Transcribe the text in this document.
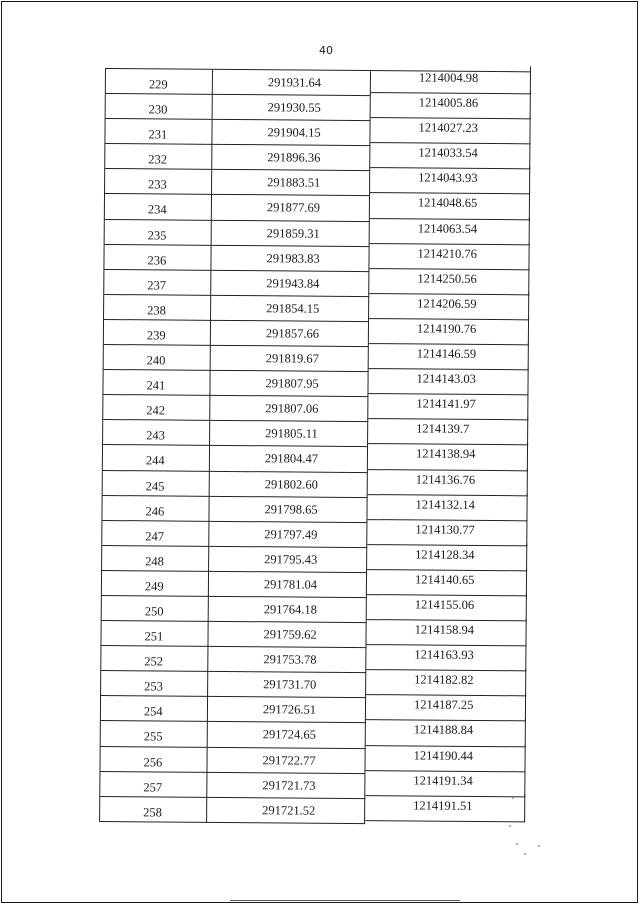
40
229	291931.64	1214004.98
230	291930.55	1214005.86
231	291904.15	1214027.23
232	291896.36	1214033.54
233	291883.51	1214043.93
234	291877.69	1214048.65
235	291859.31	1214063.54
236	291983.83	1214210.76
237	291943.84	1214250.56
238	291854.15	1214206.59
239	291857.66	1214190.76
240	291819.67	1214146.59
241	291807.95	1214143.03
242	291807.06	1214141.97
243	291805.11	1214139.7
244	291804.47	1214138.94
245	291802.60	1214136.76
246	291798.65	1214132.14
247	291797.49	1214130.77
248	291795.43	1214128.34
249	291781.04	1214140.65
250	291764.18	1214155.06
251	291759.62	1214158.94
252	291753.78	1214163.93
253	291731.70	1214182.82
254	291726.51	1214187.25
255	291724.65	1214188.84
256	291722.77	1214190.44
257	291721.73	1214191.34
258	291721.52	1214191.51
